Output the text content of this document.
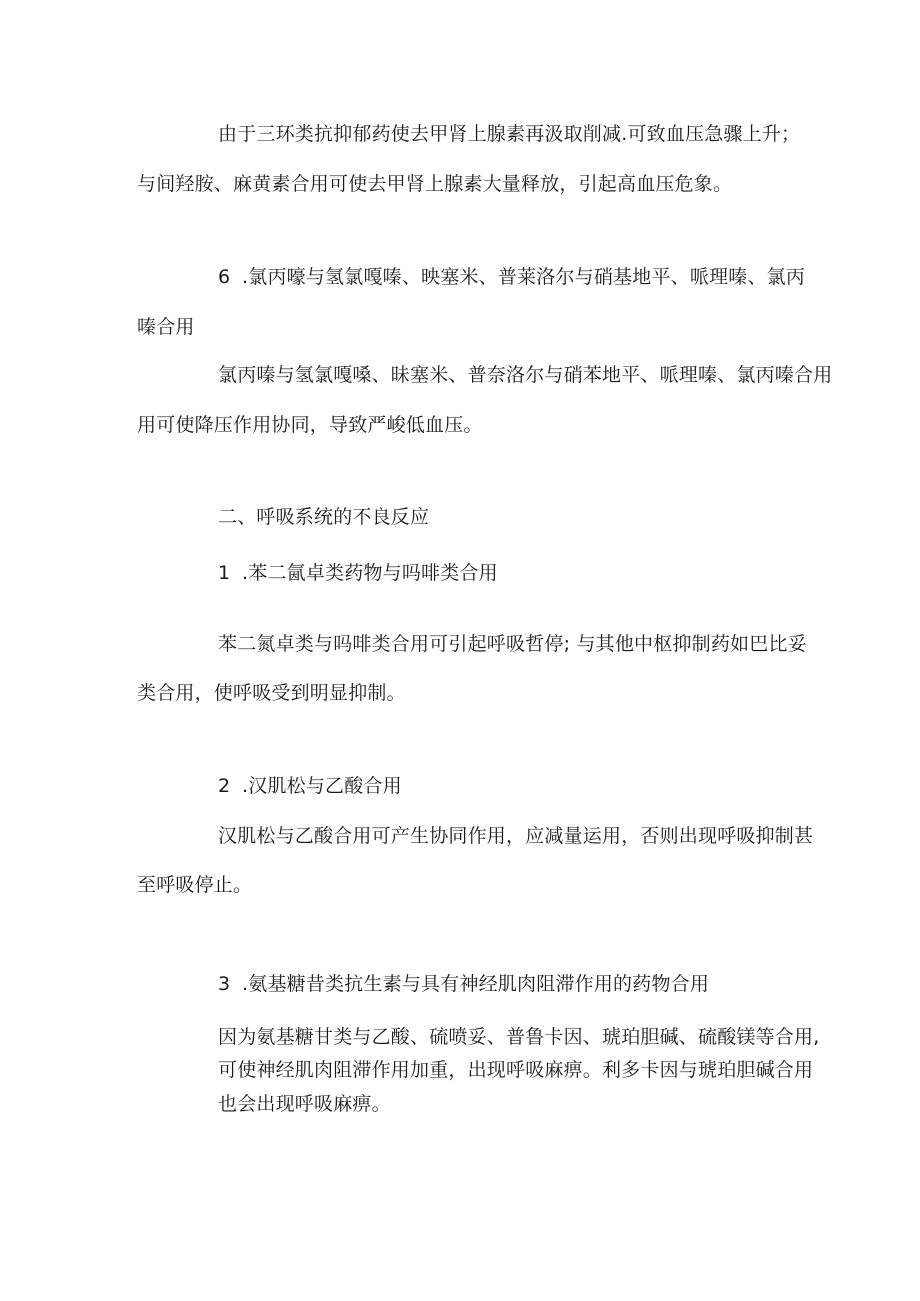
由于三环类抗抑郁药使去甲肾上腺素再汲取削减.可致血压急骤上升；

与间羟胺、麻黄素合用可使去甲肾上腺素大量释放，引起高血压危象。

6 .氯丙嚎与氢氯嘎嗪、映塞米、普莱洛尔与硝基地平、哌理嗪、氯丙

嗪合用

氯丙嗪与氢氯嘎嗓、昧塞米、普奈洛尔与硝苯地平、哌理嗪、氯丙嗪合用

用可使降压作用协同，导致严峻低血压。

二、呼吸系统的不良反应

1 .苯二氤卓类药物与吗啡类合用

苯二氮卓类与吗啡类合用可引起呼吸哲停; 与其他中枢抑制药如巴比妥

类合用，使呼吸受到明显抑制。

2 .汉肌松与乙酸合用

汉肌松与乙酸合用可产生协同作用，应减量运用，否则出现呼吸抑制甚

至呼吸停止。

3 .氨基糖昔类抗生素与具有神经肌肉阻滞作用的药物合用

因为氨基糖甘类与乙酸、硫喷妥、普鲁卡因、琥珀胆碱、硫酸镁等合用,

可使神经肌肉阻滞作用加重，出现呼吸麻痹。利多卡因与琥珀胆碱合用

也会出现呼吸麻痹。
